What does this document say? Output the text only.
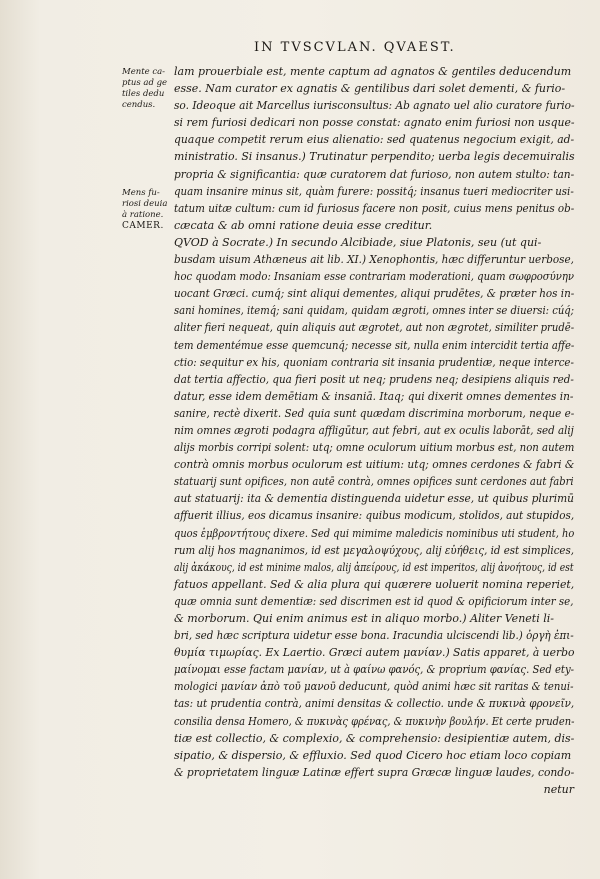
IN TVSCVLAN. QVAEST.
Mente ca-
ptus ad ge
tiles dedu
cendus.
Mens fu-
riosi deuia
à ratione.
CAMER.
lam prouerbiale est, mente captum ad agnatos & gentiles deducendum
esse. Nam curator ex agnatis & gentilibus dari solet dementi, & furio-
so. Ideoque ait Marcellus iurisconsultus: Ab agnato uel alio curatore furio-
si rem furiosi dedicari non posse constat: agnato enim furiosi non usque-
quaque competit rerum eius alienatio: sed quatenus negocium exigit, ad-
ministratio. Si insanus.) Trutinatur perpendito; uerba legis decemuiralis
propria & significantia: quæ curatorem dat furioso, non autem stulto: tan-
quam insanire minus sit, quàm furere: possitq́; insanus tueri mediocriter usi-
tatum uitæ cultum: cum id furiosus facere non posit, cuius mens penitus ob-
cæcata & ab omni ratione deuia esse creditur.
QVOD à Socrate.) In secundo Alcibiade, siue Platonis, seu (ut qui-
busdam uisum Athæneus ait lib. XI.) Xenophontis, hæc differuntur uerbose,
hoc quodam modo: Insaniam esse contrariam moderationi, quam σωφροσύνην
uocant Græci. cumq́; sint aliqui dementes, aliqui prudētes, & præter hos in-
sani homines, itemq́; sani quidam, quidam ægroti, omnes inter se diuersi: cúq́;
aliter fieri nequeat, quin aliquis aut ægrotet, aut non ægrotet, similiter prudē-
tem dementémue esse quemcunq́; necesse sit, nulla enim intercidit tertia affe-
ctio: sequitur ex his, quoniam contraria sit insania prudentiæ, neque interce-
dat tertia affectio, qua fieri posit ut neq; prudens neq; desipiens aliquis red-
datur, esse idem demētiam & insaniā. Itaq; qui dixerit omnes dementes in-
sanire, rectè dixerit. Sed quia sunt quædam discrimina morborum, neque e-
nim omnes ægroti podagra affligūtur, aut febri, aut ex oculis laborāt, sed alij
alijs morbis corripi solent: utq; omne oculorum uitium morbus est, non autem
contrà omnis morbus oculorum est uitium: utq; omnes cerdones & fabri &
statuarij sunt opifices, non autē contrà, omnes opifices sunt cerdones aut fabri
aut statuarij: ita & dementia distinguenda uidetur esse, ut quibus plurimū
affuerit illius, eos dicamus insanire: quibus modicum, stolidos, aut stupidos,
quos ἐμβροντήτους dixere. Sed qui mimime maledicis nominibus uti student, ho
rum alij hos magnanimos, id est μεγαλοψύχους, alij εὐήθεις, id est simplices,
alij ἀκάκους, id est minime malos, alij ἀπείρους, id est imperitos, alij ἀνοήτους, id est
fatuos appellant. Sed & alia plura qui quærere uoluerit nomina reperiet,
quæ omnia sunt dementiæ: sed discrimen est id quod & opificiorum inter se,
& morborum. Qui enim animus est in aliquo morbo.) Aliter Veneti li-
bri, sed hæc scriptura uidetur esse bona. Iracundia ulciscendi lib.) ὀργὴ ἐπι-
θυμία τιμωρίας. Ex Laertio. Græci autem μανίαν.) Satis apparet, à uerbo
μαίνομαι esse factam μανίαν, ut à φαίνω φανός, & proprium φανίας. Sed ety-
mologici μανίαν ἀπὸ τοῦ μανοῦ deducunt, quòd animi hæc sit raritas & tenui-
tas: ut prudentia contrà, animi densitas & collectio. unde & πυκινὰ φρονεῖν,
consilia densa Homero, & πυκινὰς φρένας, & πυκινὴν βουλήν. Et certe pruden-
tiæ est collectio, & complexio, & comprehensio: desipientiæ autem, dis-
sipatio, & dispersio, & effluxio. Sed quod Cicero hoc etiam loco copiam
& proprietatem linguæ Latinæ effert supra Græcæ linguæ laudes, condo-
netur
